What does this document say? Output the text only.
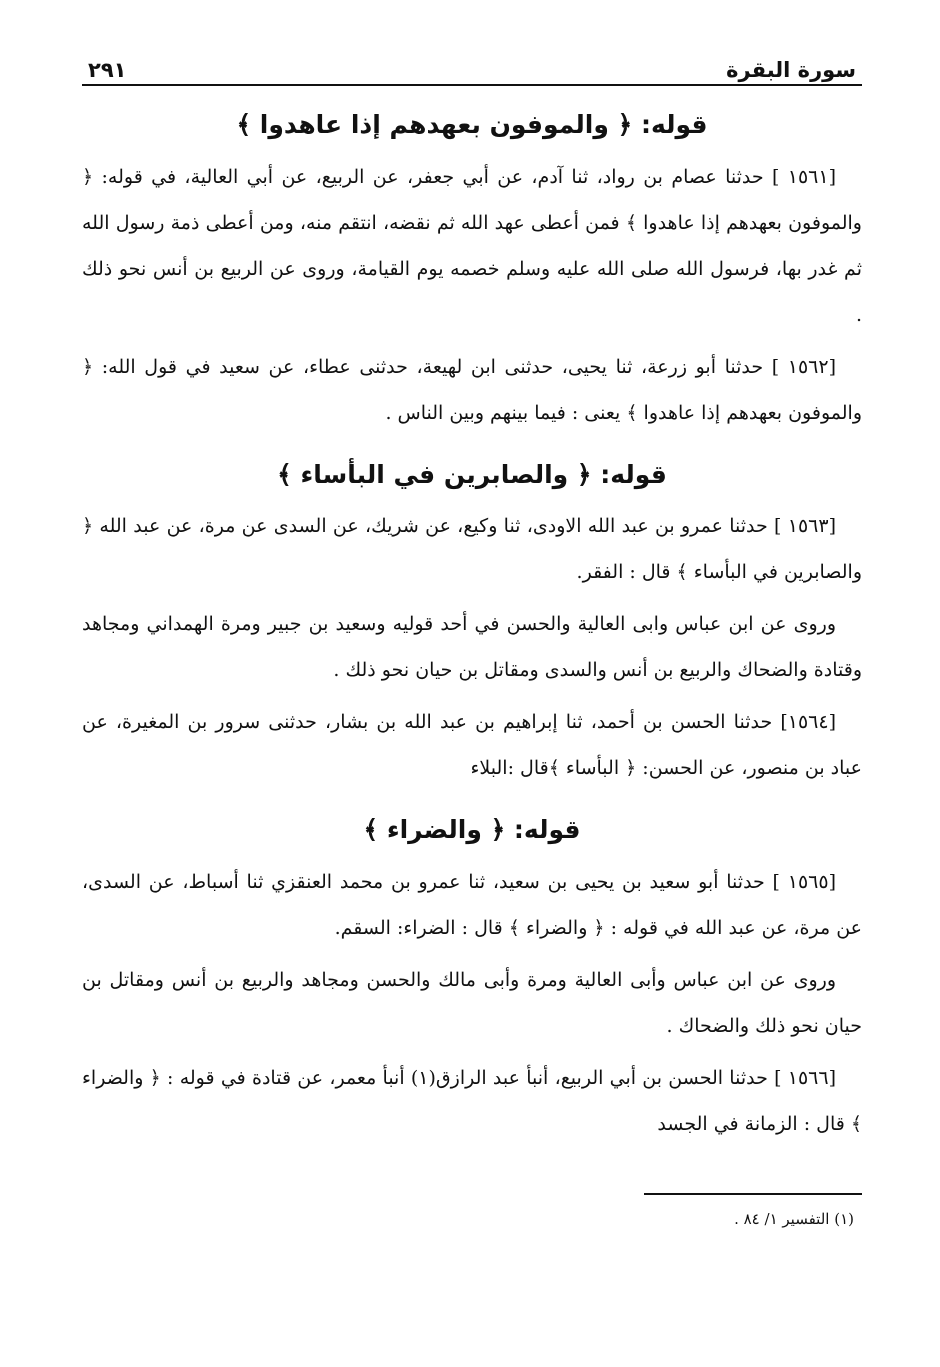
سورة البقرة
٢٩١
قوله: ﴿ والموفون بعهدهم إذا عاهدوا ﴾

[١٥٦١ ] حدثنا عصام بن رواد، ثنا آدم، عن أبي جعفر، عن الربيع، عن أبي العالية، في قوله: ﴿ والموفون بعهدهم إذا عاهدوا ﴾ فمن أعطى عهد الله ثم نقضه، انتقم منه، ومن أعطى ذمة رسول الله ثم غدر بها، فرسول الله صلى الله عليه وسلم خصمه يوم القيامة، وروى عن الربيع بن أنس نحو ذلك .

[١٥٦٢ ] حدثنا أبو زرعة، ثنا يحيى، حدثنى ابن لهيعة، حدثنى عطاء، عن سعيد في قول الله: ﴿ والموفون بعهدهم إذا عاهدوا ﴾ يعنى : فيما بينهم وبين الناس .

قوله: ﴿ والصابرين في البأساء ﴾

[١٥٦٣ ] حدثنا عمرو بن عبد الله الاودى، ثنا وكيع، عن شريك، عن السدى عن مرة، عن عبد الله ﴿ والصابرين في البأساء ﴾ قال : الفقر.

وروى عن ابن عباس وابى العالية والحسن في أحد قوليه وسعيد بن جبير ومرة الهمداني ومجاهد وقتادة والضحاك والربيع بن أنس والسدى ومقاتل بن حيان نحو ذلك .

[١٥٦٤] حدثنا الحسن بن أحمد، ثنا إبراهيم بن عبد الله بن بشار، حدثنى سرور بن المغيرة، عن عباد بن منصور، عن الحسن: ﴿ البأساء ﴾قال :البلاء

قوله: ﴿ والضراء ﴾

[١٥٦٥ ] حدثنا أبو سعيد بن يحيى بن سعيد، ثنا عمرو بن محمد العنقزي ثنا أسباط، عن السدى، عن مرة، عن عبد الله في قوله : ﴿ والضراء ﴾ قال : الضراء: السقم.

وروى عن ابن عباس وأبى العالية ومرة وأبى مالك والحسن ومجاهد والربيع بن أنس ومقاتل بن حيان نحو ذلك والضحاك .

[١٥٦٦ ] حدثنا الحسن بن أبي الربيع، أنبأ عبد الرازق(١) أنبأ معمر، عن قتادة في قوله : ﴿ والضراء ﴾ قال : الزمانة في الجسد

(١) التفسير ١/ ٨٤ .
